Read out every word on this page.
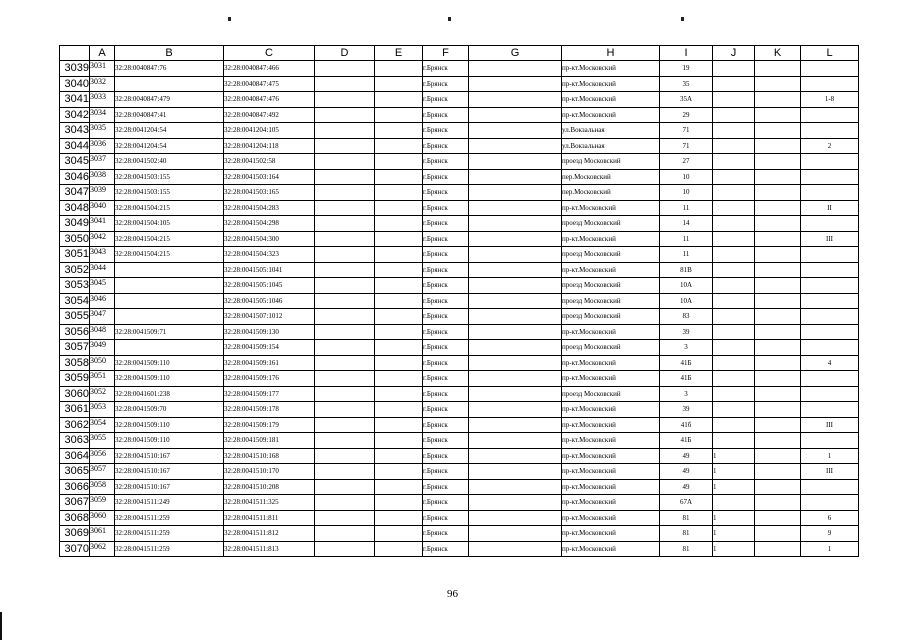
	A	B	C	D	E	F	G	H	I	J	K	L
3039	3031	32:28:0040847:76	32:28:0040847:466			г.Брянск		пр-кт.Московский	19			
3040	3032		32:28:0040847:475			г.Брянск		пр-кт.Московский	35			
3041	3033	32:28:0040847:479	32:28:0040847:476			г.Брянск		пр-кт.Московский	35А			1-8
3042	3034	32:28:0040847:41	32:28:0040847:492			г.Брянск		пр-кт.Московский	29			
3043	3035	32:28:0041204:54	32:28:0041204:105			г.Брянск		ул.Вокзальная	71			
3044	3036	32:28:0041204:54	32:28:0041204:118			г.Брянск		ул.Вокзальная	71			2
3045	3037	32:28:0041502:40	32:28:0041502:58			г.Брянск		проезд Московский	27			
3046	3038	32:28:0041503:155	32:28:0041503:164			г.Брянск		пер.Московский	10			
3047	3039	32:28:0041503:155	32:28:0041503:165			г.Брянск		пер.Московский	10			
3048	3040	32:28:0041504:215	32:28:0041504:283			г.Брянск		пр-кт.Московский	11			II
3049	3041	32:28:0041504:105	32:28:0041504:298			г.Брянск		проезд Московский	14			
3050	3042	32:28:0041504:215	32:28:0041504:300			г.Брянск		пр-кт.Московский	11			III
3051	3043	32:28:0041504:215	32:28:0041504:323			г.Брянск		проезд Московский	11			
3052	3044		32:28:0041505:1041			г.Брянск		пр-кт.Московский	81В			
3053	3045		32:28:0041505:1045			г.Брянск		проезд Московский	10А			
3054	3046		32:28:0041505:1046			г.Брянск		проезд Московский	10А			
3055	3047		32:28:0041507:1012			г.Брянск		проезд Московский	83			
3056	3048	32:28:0041509:71	32:28:0041509:130			г.Брянск		пр-кт.Московский	39			
3057	3049		32:28:0041509:154			г.Брянск		проезд Московский	3			
3058	3050	32:28:0041509:110	32:28:0041509:161			г.Брянск		пр-кт.Московский	41Б			4
3059	3051	32:28:0041509:110	32:28:0041509:176			г.Брянск		пр-кт.Московский	41Б			
3060	3052	32:28:0041601:238	32:28:0041509:177			г.Брянск		проезд Московский	3			
3061	3053	32:28:0041509:70	32:28:0041509:178			г.Брянск		пр-кт.Московский	39			
3062	3054	32:28:0041509:110	32:28:0041509:179			г.Брянск		пр-кт.Московский	41б			III
3063	3055	32:28:0041509:110	32:28:0041509:181			г.Брянск		пр-кт.Московский	41Б			
3064	3056	32:28:0041510:167	32:28:0041510:168			г.Брянск		пр-кт.Московский	49	1		1
3065	3057	32:28:0041510:167	32:28:0041510:170			г.Брянск		пр-кт.Московский	49	1		III
3066	3058	32:28:0041510:167	32:28:0041510:208			г.Брянск		пр-кт.Московский	49	1		
3067	3059	32:28:0041511:249	32:28:0041511:325			г.Брянск		пр-кт.Московский	67А			
3068	3060	32:28:0041511:259	32:28:0041511:811			г.Брянск		пр-кт.Московский	81	1		6
3069	3061	32:28:0041511:259	32:28:0041511:812			г.Брянск		пр-кт.Московский	81	1		9
3070	3062	32:28:0041511:259	32:28:0041511:813			г.Брянск		пр-кт.Московский	81	1		1
96
